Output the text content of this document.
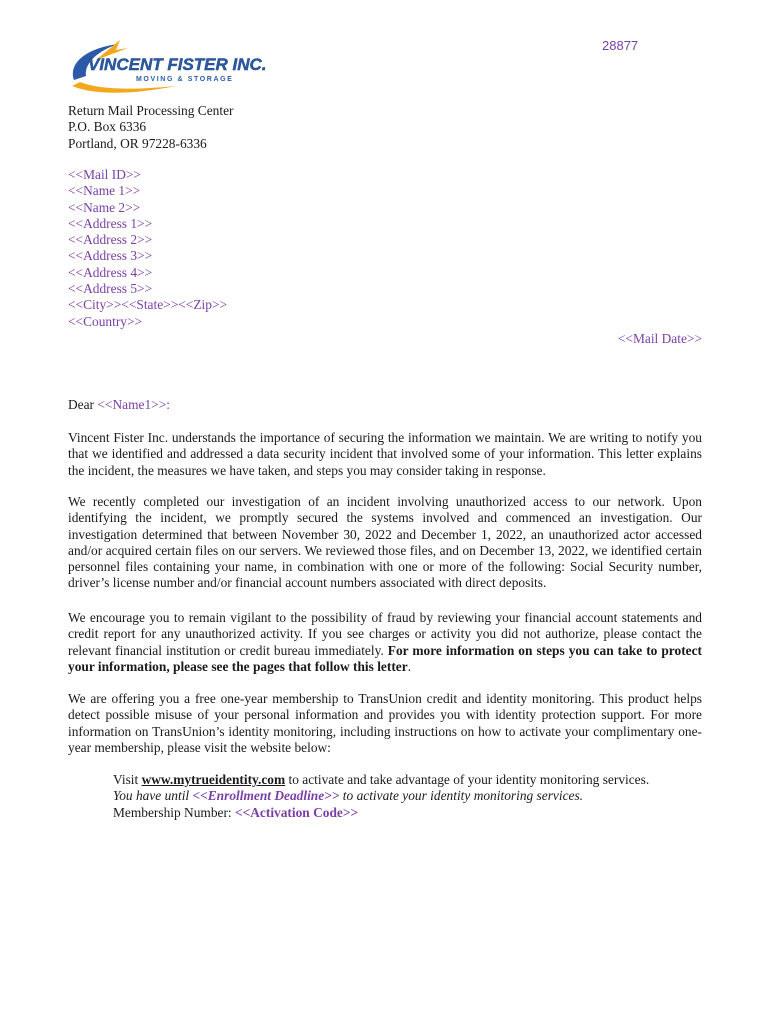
28877
VINCENT FISTER INC.
MOVING & STORAGE
Return Mail Processing Center
P.O. Box 6336
Portland, OR 97228-6336
<<Mail ID>>
<<Name 1>>
<<Name 2>>
<<Address 1>>
<<Address 2>>
<<Address 3>>
<<Address 4>>
<<Address 5>>
<<City>><<State>><<Zip>>
<<Country>>
<<Mail Date>>
Dear <<Name1>>:
Vincent Fister Inc. understands the importance of securing the information we maintain. We are writing to notify you that we identified and addressed a data security incident that involved some of your information. This letter explains the incident, the measures we have taken, and steps you may consider taking in response.
We recently completed our investigation of an incident involving unauthorized access to our network. Upon identifying the incident, we promptly secured the systems involved and commenced an investigation. Our investigation determined that between November 30, 2022 and December 1, 2022, an unauthorized actor accessed and/or acquired certain files on our servers. We reviewed those files, and on December 13, 2022, we identified certain personnel files containing your name, in combination with one or more of the following: Social Security number, driver’s license number and/or financial account numbers associated with direct deposits.
We encourage you to remain vigilant to the possibility of fraud by reviewing your financial account statements and credit report for any unauthorized activity. If you see charges or activity you did not authorize, please contact the relevant financial institution or credit bureau immediately. For more information on steps you can take to protect your information, please see the pages that follow this letter.
We are offering you a free one-year membership to TransUnion credit and identity monitoring. This product helps detect possible misuse of your personal information and provides you with identity protection support. For more information on TransUnion’s identity monitoring, including instructions on how to activate your complimentary one-year membership, please visit the website below:
Visit www.mytrueidentity.com to activate and take advantage of your identity monitoring services.
You have until <<Enrollment Deadline>> to activate your identity monitoring services.
Membership Number: <<Activation Code>>
